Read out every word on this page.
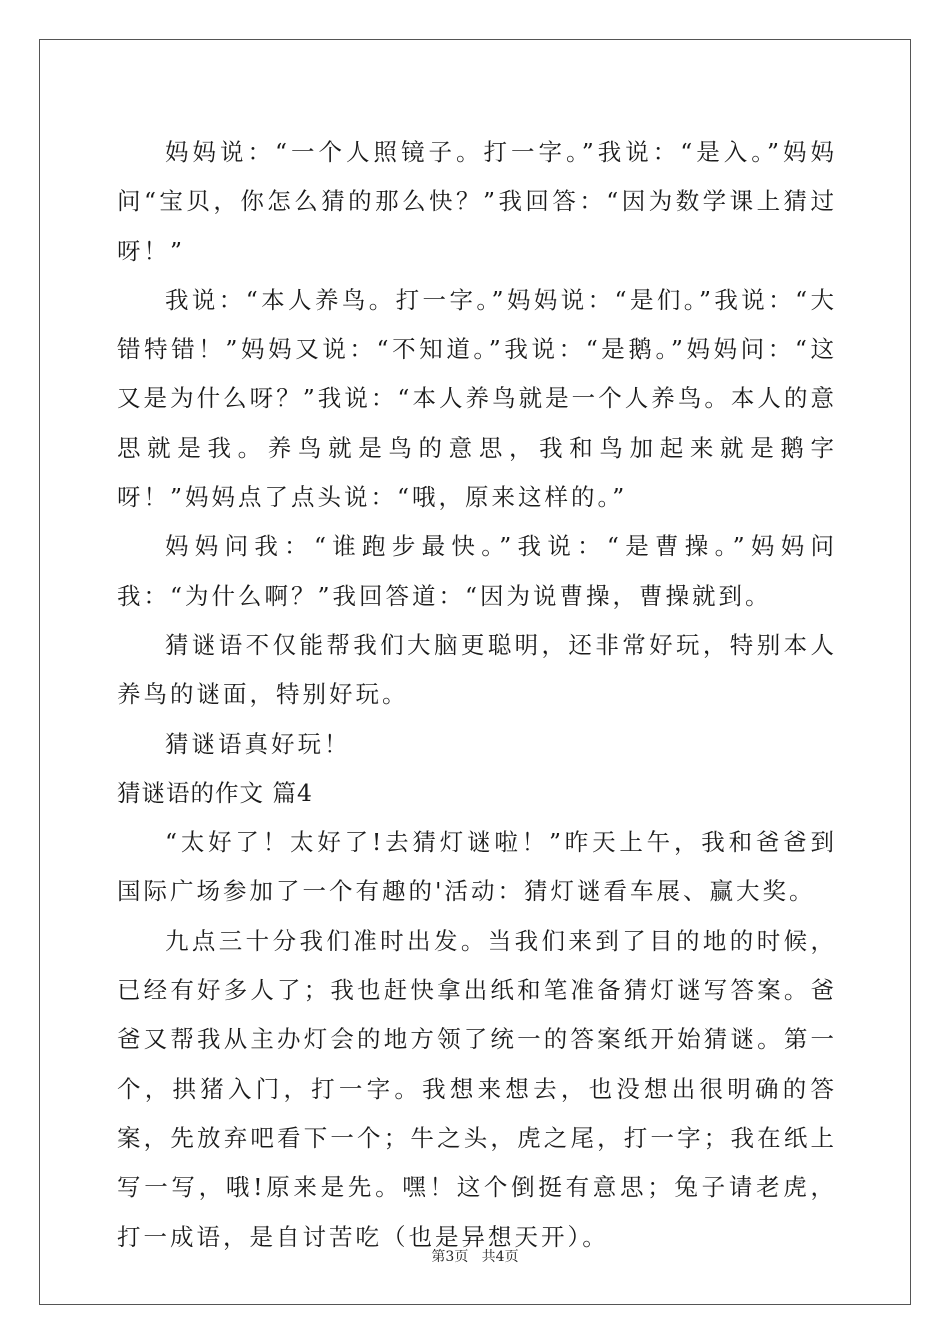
妈妈说：“一个人照镜子。打一字。”我说：“是入。”妈妈问“宝贝，你怎么猜的那么快？”我回答：“因为数学课上猜过呀！”

我说：“本人养鸟。打一字。”妈妈说：“是们。”我说：“大错特错！”妈妈又说：“不知道。”我说：“是鹅。”妈妈问：“这又是为什么呀？”我说：“本人养鸟就是一个人养鸟。本人的意思就是我。养鸟就是鸟的意思，我和鸟加起来就是鹅字呀！”妈妈点了点头说：“哦，原来这样的。”

妈妈问我：“谁跑步最快。”我说：“是曹操。”妈妈问我：“为什么啊？”我回答道：“因为说曹操，曹操就到。

猜谜语不仅能帮我们大脑更聪明，还非常好玩，特别本人养鸟的谜面，特别好玩。

猜谜语真好玩！

猜谜语的作文 篇4

“太好了！太好了!去猜灯谜啦！”昨天上午，我和爸爸到国际广场参加了一个有趣的'活动：猜灯谜看车展、赢大奖。

九点三十分我们准时出发。当我们来到了目的地的时候，已经有好多人了；我也赶快拿出纸和笔准备猜灯谜写答案。爸爸又帮我从主办灯会的地方领了统一的答案纸开始猜谜。第一个，拱猪入门，打一字。我想来想去，也没想出很明确的答案，先放弃吧看下一个；牛之头，虎之尾，打一字；我在纸上写一写，哦!原来是先。嘿！这个倒挺有意思；兔子请老虎，打一成语，是自讨苦吃（也是异想天开）。

第3页   共4页
